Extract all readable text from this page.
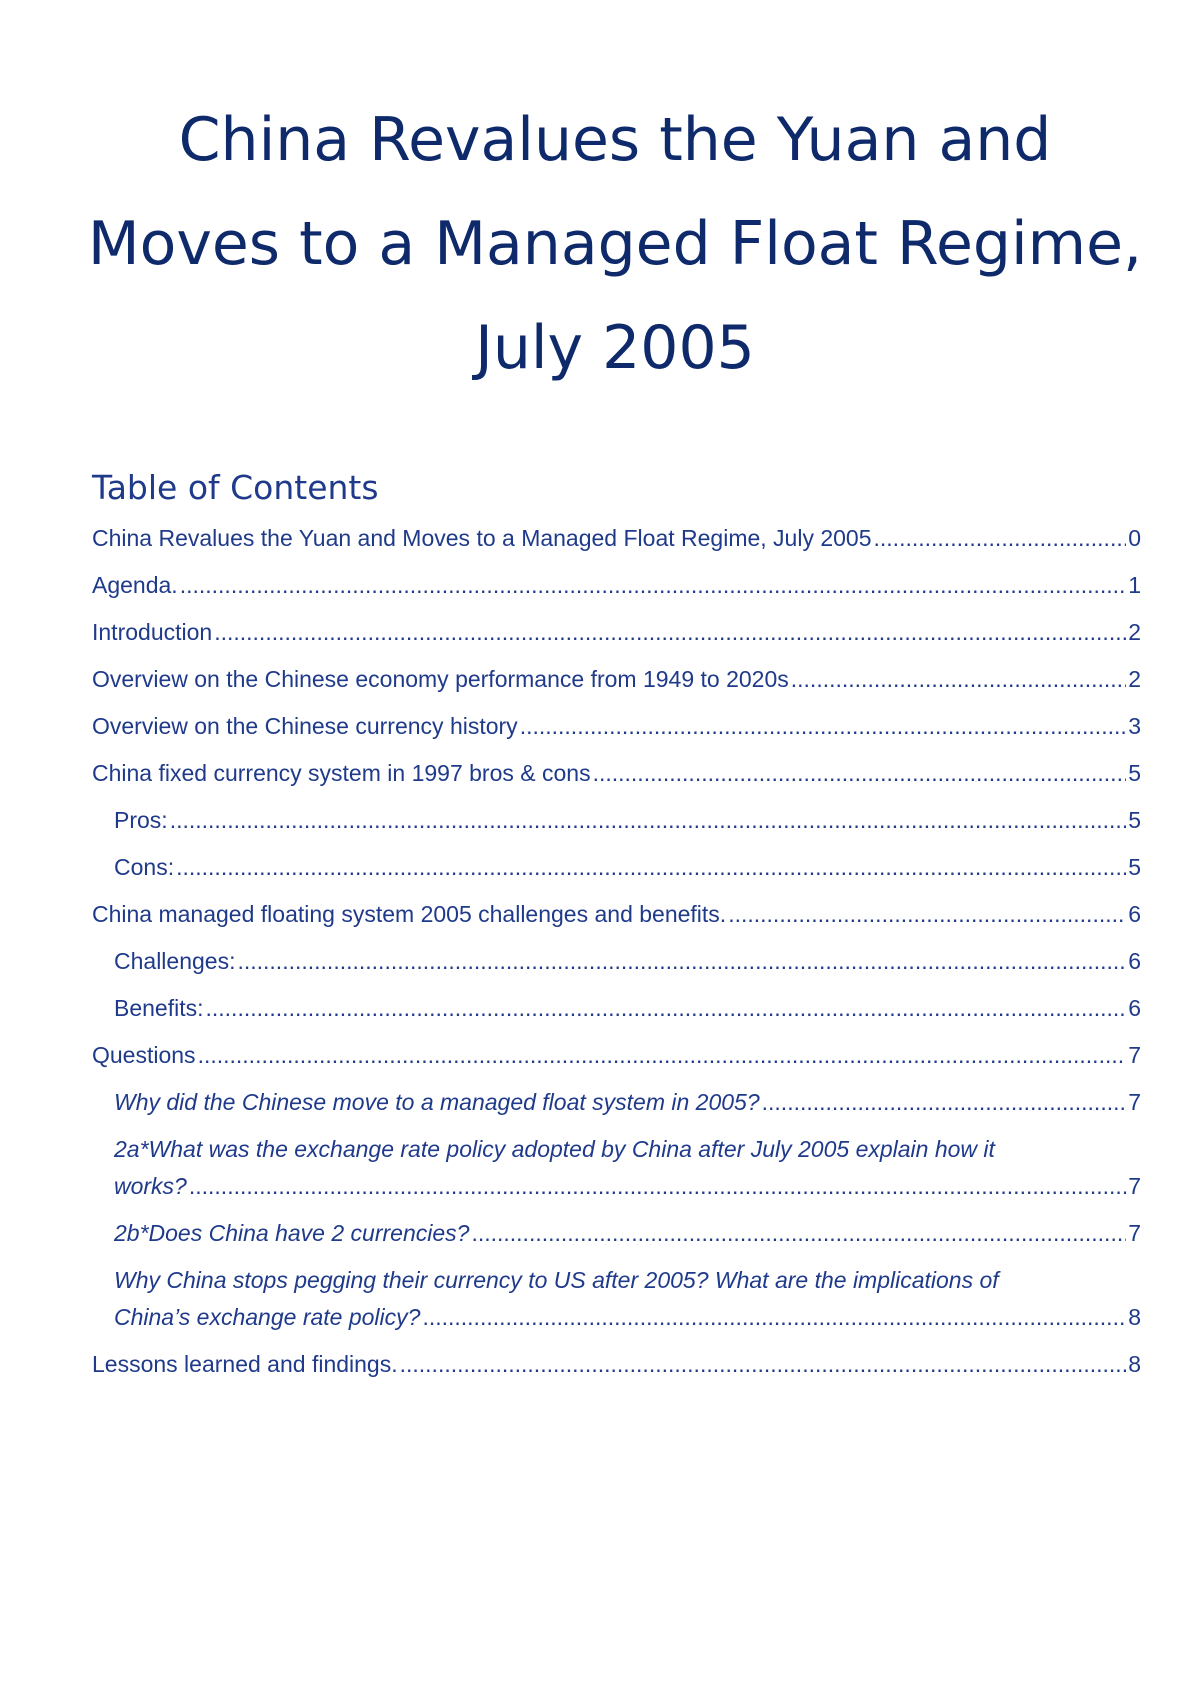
China Revalues the Yuan and
Moves to a Managed Float Regime,
July 2005
Table of Contents
China Revalues the Yuan and Moves to a Managed Float Regime, July 2005 .....	0
Agenda. .....	1
Introduction .....	2
Overview on the Chinese economy performance from 1949 to 2020s .....	2
Overview on the Chinese currency history .....	3
China fixed currency system in 1997 bros & cons .....	5
Pros: .....	5
Cons: .....	5
China managed floating system 2005 challenges and benefits. .....	6
Challenges: .....	6
Benefits: .....	6
Questions .....	7
Why did the Chinese move to a managed float system in 2005? .....	7
2a*What was the exchange rate policy adopted by China after July 2005 explain how it
works? .....	7
2b*Does China have 2 currencies? .....	7
Why China stops pegging their currency to US after 2005? What are the implications of
China’s exchange rate policy? .....	8
Lessons learned and findings. .....	8
